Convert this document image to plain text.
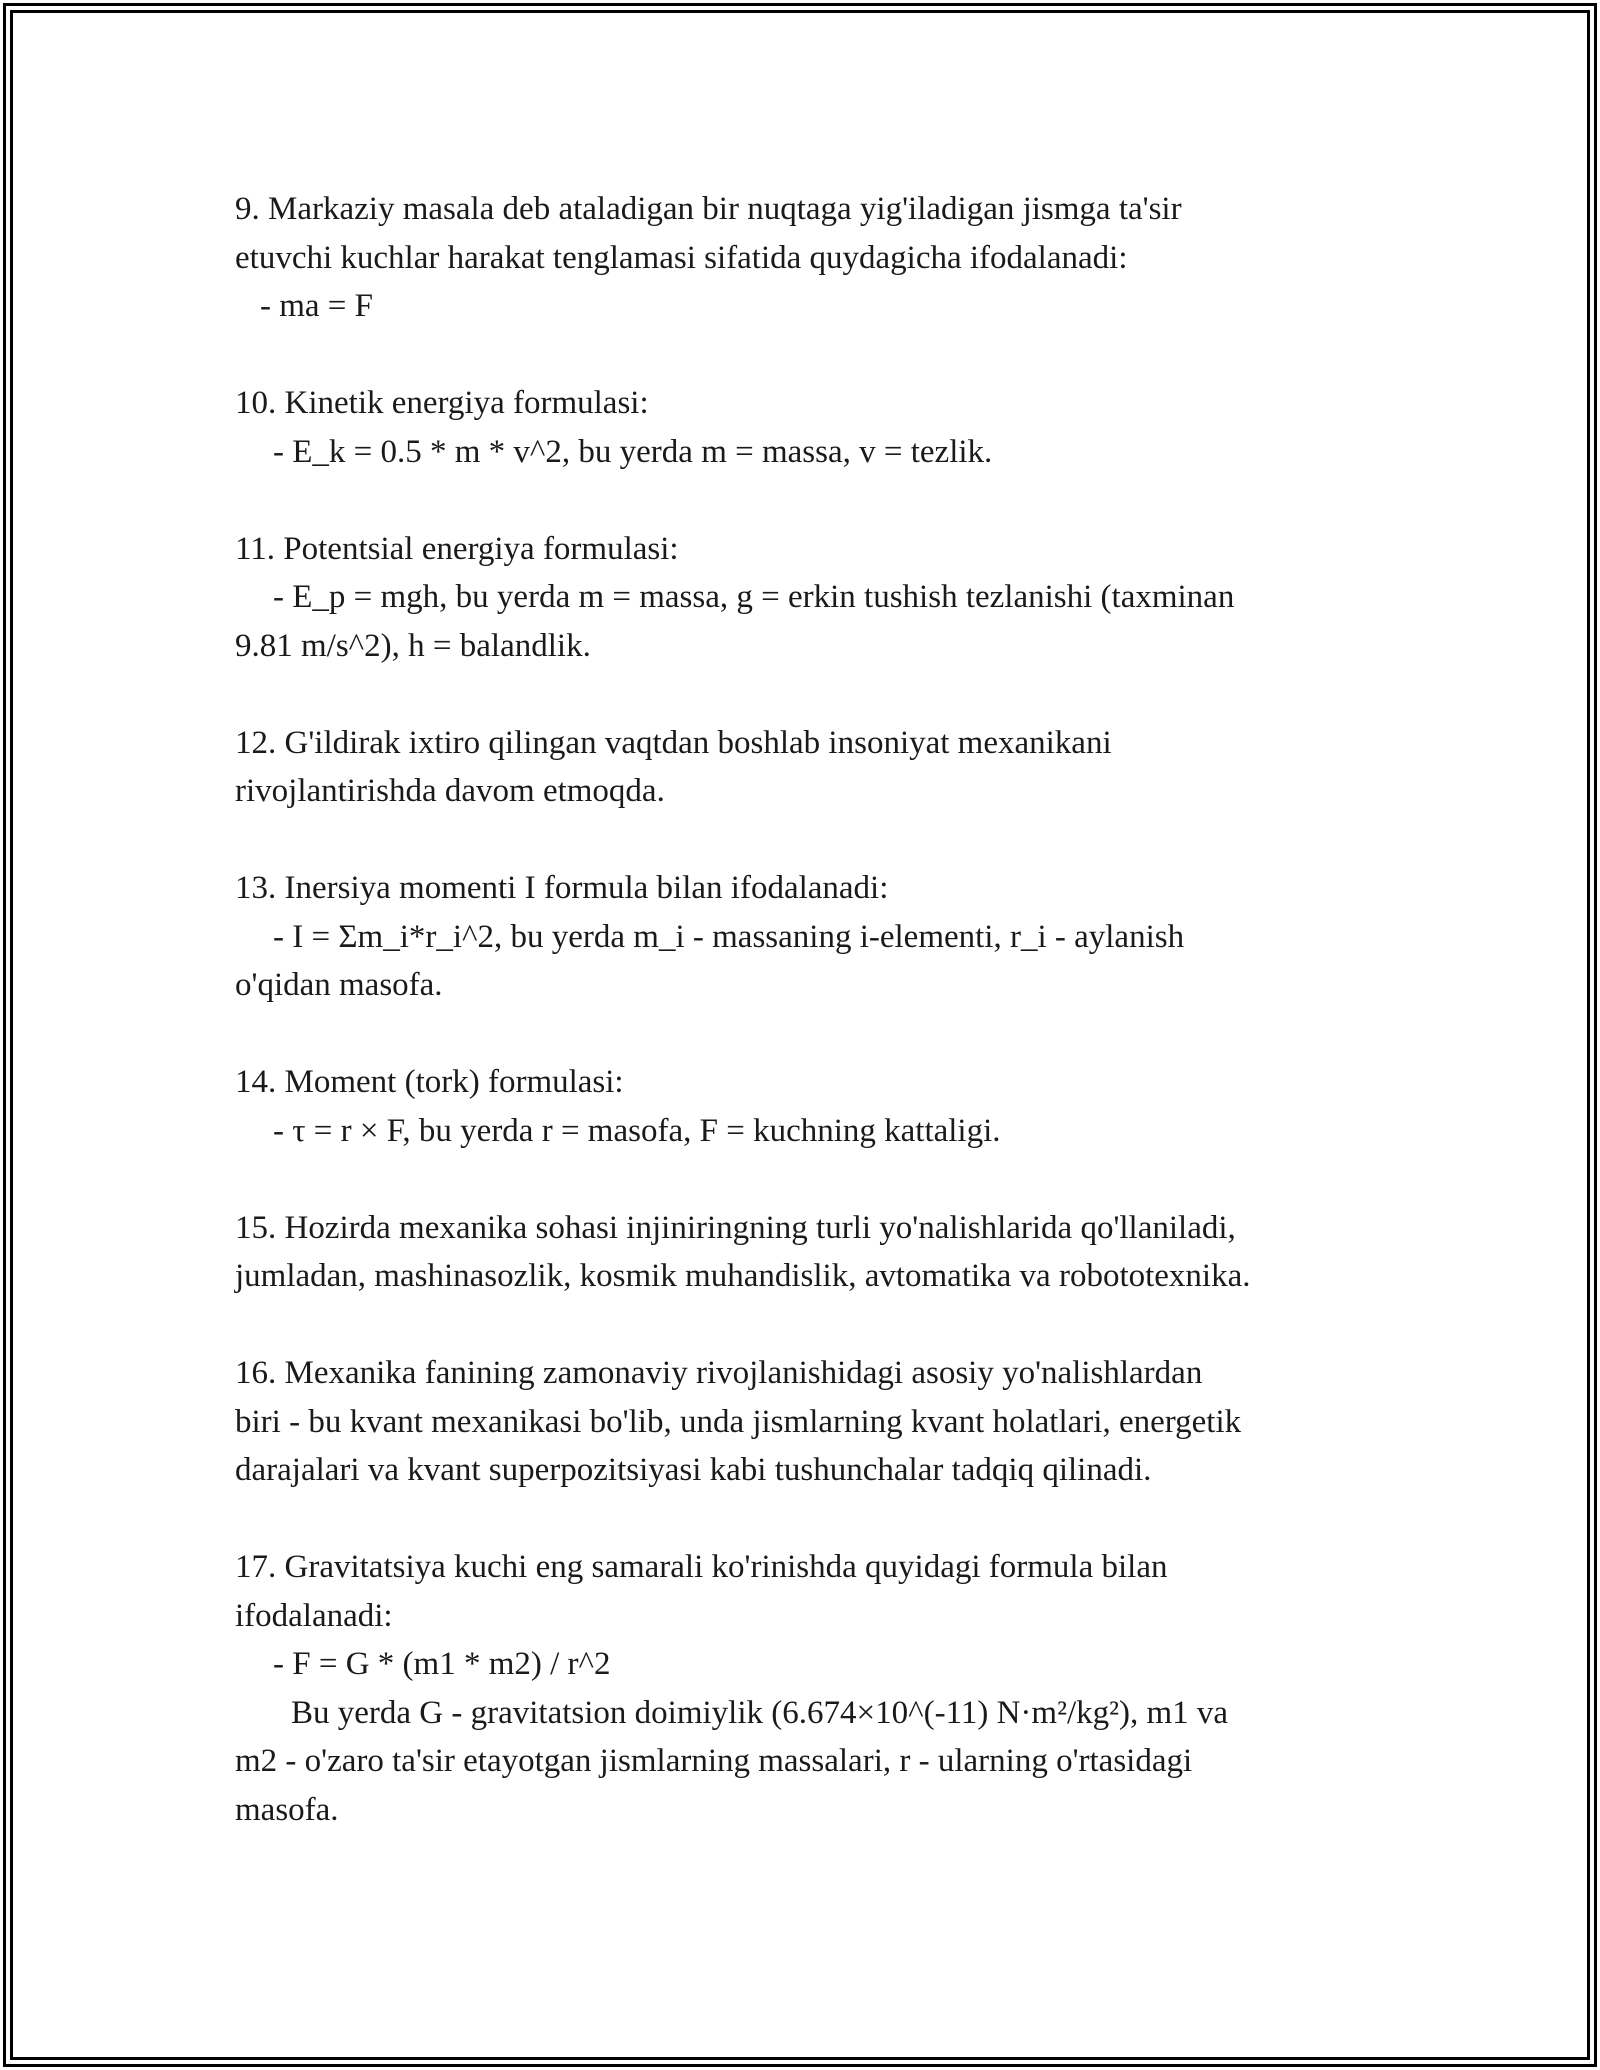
9. Markaziy masala deb ataladigan bir nuqtaga yig'iladigan jismga ta'sir

etuvchi kuchlar harakat tenglamasi sifatida quydagicha ifodalanadi:

- ma = F

10. Kinetik energiya formulasi:

- E_k = 0.5 * m * v^2, bu yerda m = massa, v = tezlik.

11. Potentsial energiya formulasi:

- E_p = mgh, bu yerda m = massa, g = erkin tushish tezlanishi (taxminan

9.81 m/s^2), h = balandlik.

12. G'ildirak ixtiro qilingan vaqtdan boshlab insoniyat mexanikani

rivojlantirishda davom etmoqda.

13. Inersiya momenti I formula bilan ifodalanadi:

- I = Σm_i*r_i^2, bu yerda m_i - massaning i-elementi, r_i - aylanish

o'qidan masofa.

14. Moment (tork) formulasi:

- τ = r × F, bu yerda r = masofa, F = kuchning kattaligi.

15. Hozirda mexanika sohasi injiniringning turli yo'nalishlarida qo'llaniladi,

jumladan, mashinasozlik, kosmik muhandislik, avtomatika va robototexnika.

16. Mexanika fanining zamonaviy rivojlanishidagi asosiy yo'nalishlardan

biri - bu kvant mexanikasi bo'lib, unda jismlarning kvant holatlari, energetik

darajalari va kvant superpozitsiyasi kabi tushunchalar tadqiq qilinadi.

17. Gravitatsiya kuchi eng samarali ko'rinishda quyidagi formula bilan

ifodalanadi:

- F = G * (m1 * m2) / r^2

Bu yerda G - gravitatsion doimiylik (6.674×10^(-11) N·m²/kg²), m1 va

m2 - o'zaro ta'sir etayotgan jismlarning massalari, r - ularning o'rtasidagi

masofa.
